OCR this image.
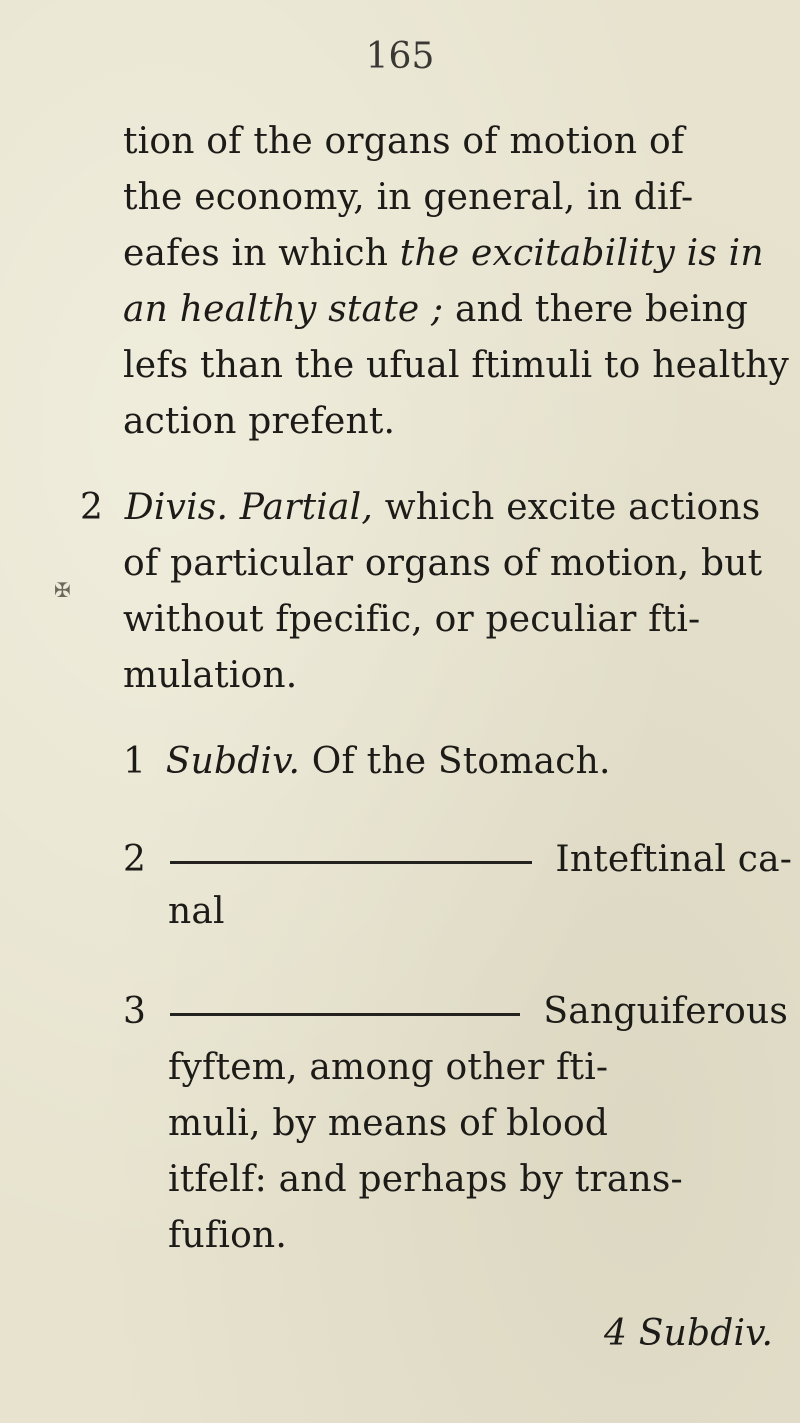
165
tion of the organs of motion of
the economy, in general, in dif-
eafes in which the excitability is in
an healthy state ; and there being
lefs than the ufual ftimuli to healthy
action prefent.
2 Divis. Partial, which excite actions
of particular organs of motion, but
without fpecific, or peculiar fti-
mulation.
✠
1 Subdiv. Of the Stomach.
2	Inteftinal ca-
nal
3	Sanguiferous
fyftem, among other fti-
muli, by means of blood
itfelf: and perhaps by trans-
fufion.
4 Subdiv.
